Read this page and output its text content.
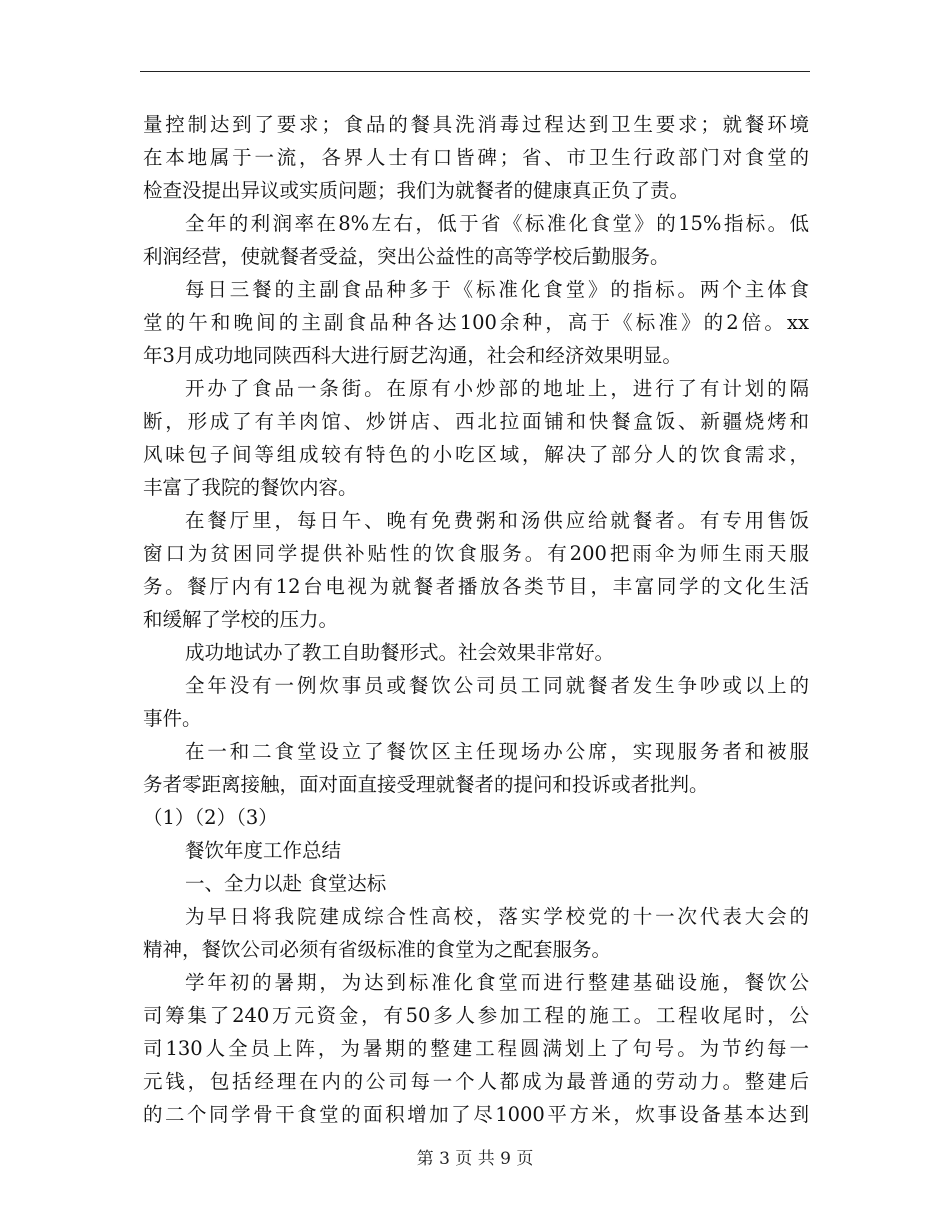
量控制达到了要求；食品的餐具洗消毒过程达到卫生要求；就餐环境
在本地属于一流，各界人士有口皆碑；省、市卫生行政部门对食堂的
检查没提出异议或实质问题；我们为就餐者的健康真正负了责。
全年的利润率在8%左右，低于省《标准化食堂》的15%指标。低
利润经营，使就餐者受益，突出公益性的高等学校后勤服务。
每日三餐的主副食品种多于《标准化食堂》的指标。两个主体食
堂的午和晚间的主副食品种各达100余种，高于《标准》的2倍。xx
年3月成功地同陕西科大进行厨艺沟通，社会和经济效果明显。
开办了食品一条街。在原有小炒部的地址上，进行了有计划的隔
断，形成了有羊肉馆、炒饼店、西北拉面铺和快餐盒饭、新疆烧烤和
风味包子间等组成较有特色的小吃区域，解决了部分人的饮食需求，
丰富了我院的餐饮内容。
在餐厅里，每日午、晚有免费粥和汤供应给就餐者。有专用售饭
窗口为贫困同学提供补贴性的饮食服务。有200把雨伞为师生雨天服
务。餐厅内有12台电视为就餐者播放各类节目，丰富同学的文化生活
和缓解了学校的压力。
成功地试办了教工自助餐形式。社会效果非常好。
全年没有一例炊事员或餐饮公司员工同就餐者发生争吵或以上的
事件。
在一和二食堂设立了餐饮区主任现场办公席，实现服务者和被服
务者零距离接触，面对面直接受理就餐者的提问和投诉或者批判。
（1）（2）（3）
餐饮年度工作总结
一、全力以赴 食堂达标
为早日将我院建成综合性高校，落实学校党的十一次代表大会的
精神，餐饮公司必须有省级标准的食堂为之配套服务。
学年初的暑期，为达到标准化食堂而进行整建基础设施，餐饮公
司筹集了240万元资金，有50多人参加工程的施工。工程收尾时，公
司130人全员上阵，为暑期的整建工程圆满划上了句号。为节约每一
元钱，包括经理在内的公司每一个人都成为最普通的劳动力。整建后
的二个同学骨干食堂的面积增加了尽1000平方米，炊事设备基本达到
第 3 页 共 9 页
